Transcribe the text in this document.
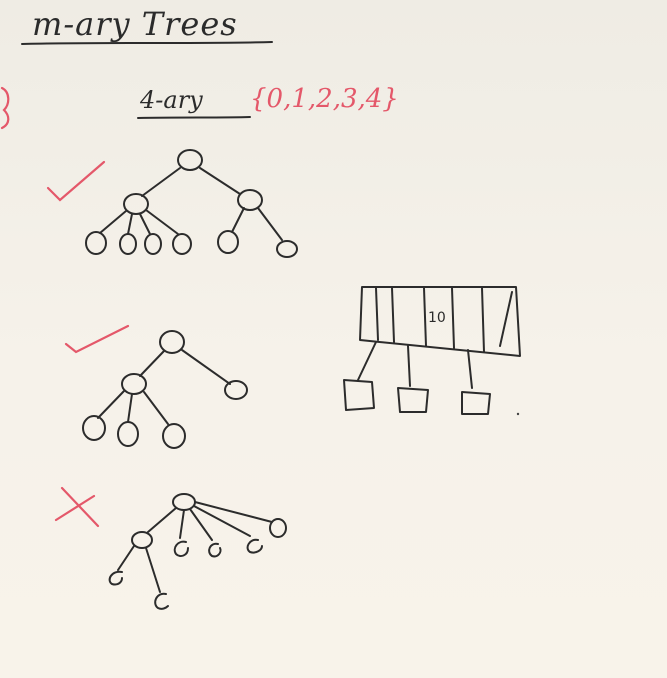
m-ary Trees
4-ary {0,1,2,3,4}
10
